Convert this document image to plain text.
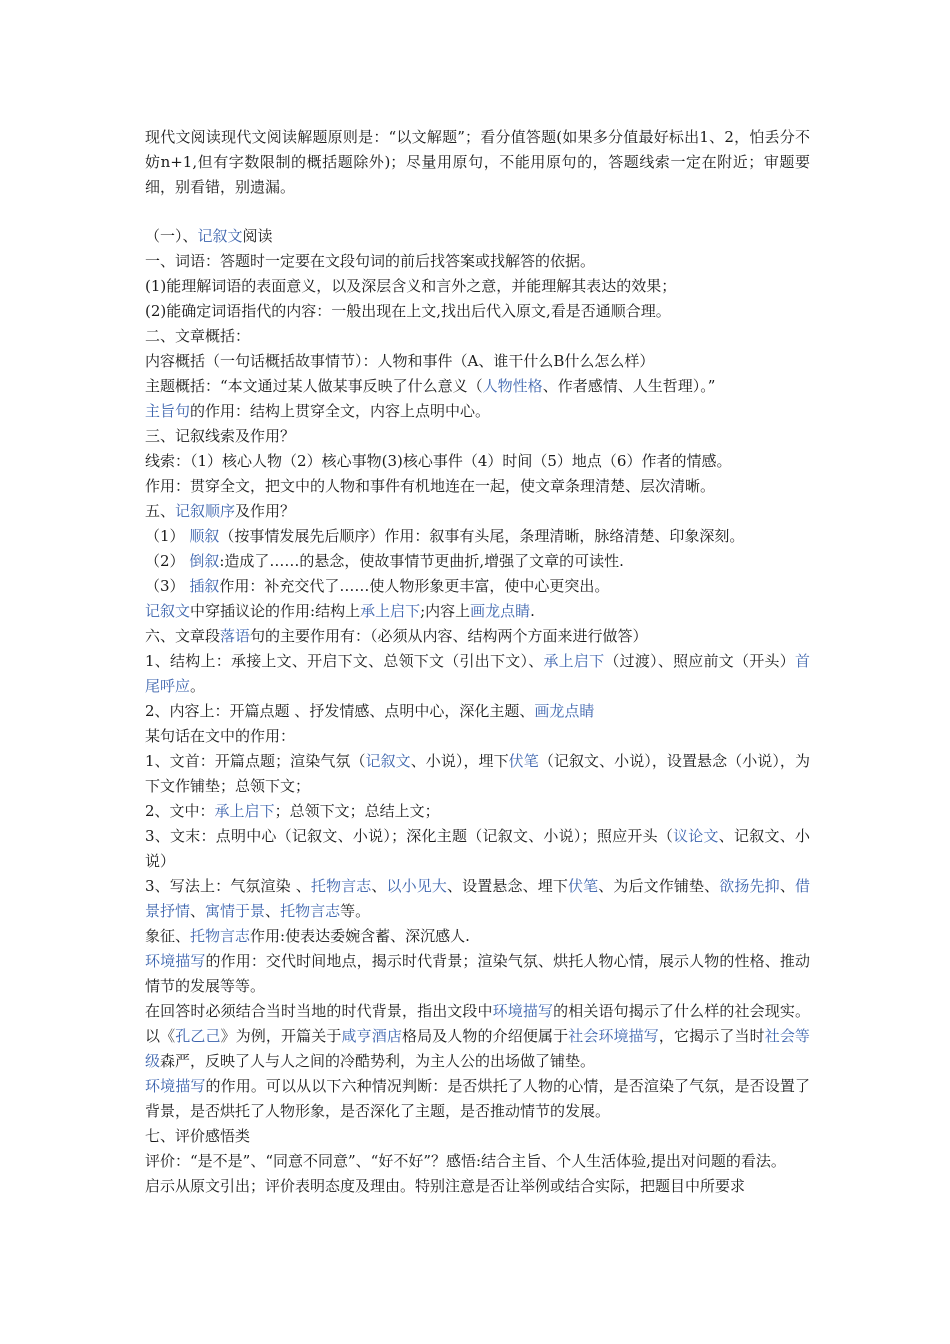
现代文阅读现代文阅读解题原则是：“以文解题”；看分值答题(如果多分值最好标出1、2，怕丢分不妨n+1,但有字数限制的概括题除外)；尽量用原句，不能用原句的，答题线索一定在附近；审题要细，别看错，别遗漏。

（一）、记叙文阅读

一、词语：答题时一定要在文段句词的前后找答案或找解答的依据。

(1)能理解词语的表面意义，以及深层含义和言外之意，并能理解其表达的效果；

(2)能确定词语指代的内容：一般出现在上文,找出后代入原文,看是否通顺合理。

二、文章概括：

内容概括（一句话概括故事情节）：人物和事件（A、谁干什么B什么怎么样）

主题概括：“本文通过某人做某事反映了什么意义（人物性格、作者感情、人生哲理）。”

主旨句的作用：结构上贯穿全文，内容上点明中心。

三、记叙线索及作用？

线索：（1）核心人物（2）核心事物(3)核心事件（4）时间（5）地点（6）作者的情感。

作用：贯穿全文，把文中的人物和事件有机地连在一起，使文章条理清楚、层次清晰。

五、记叙顺序及作用？

（1） 顺叙（按事情发展先后顺序）作用：叙事有头尾，条理清晰，脉络清楚、印象深刻。

（2） 倒叙:造成了……的悬念，使故事情节更曲折,增强了文章的可读性.

（3） 插叙作用：补充交代了……使人物形象更丰富，使中心更突出。

记叙文中穿插议论的作用:结构上承上启下;内容上画龙点睛.

六、文章段落语句的主要作用有：（必须从内容、结构两个方面来进行做答）

1、结构上：承接上文、开启下文、总领下文（引出下文）、承上启下（过渡）、照应前文（开头）首尾呼应。

2、内容上：开篇点题 、抒发情感、点明中心，深化主题、画龙点睛

某句话在文中的作用：

1、文首：开篇点题；渲染气氛（记叙文、小说），埋下伏笔（记叙文、小说），设置悬念（小说），为下文作铺垫；总领下文；

2、文中：承上启下；总领下文；总结上文；

3、文末：点明中心（记叙文、小说）；深化主题（记叙文、小说）；照应开头（议论文、记叙文、小说）

3、写法上：气氛渲染 、托物言志、以小见大、设置悬念、埋下伏笔、为后文作铺垫、欲扬先抑、借景抒情、寓情于景、托物言志等。

象征、托物言志作用:使表达委婉含蓄、深沉感人.

环境描写的作用：交代时间地点，揭示时代背景；渲染气氛、烘托人物心情，展示人物的性格、推动情节的发展等等。

在回答时必须结合当时当地的时代背景，指出文段中环境描写的相关语句揭示了什么样的社会现实。以《孔乙己》为例，开篇关于咸亨酒店格局及人物的介绍便属于社会环境描写，它揭示了当时社会等级森严，反映了人与人之间的冷酷势利，为主人公的出场做了铺垫。

环境描写的作用。可以从以下六种情况判断：是否烘托了人物的心情，是否渲染了气氛，是否设置了背景，是否烘托了人物形象，是否深化了主题，是否推动情节的发展。

七、评价感悟类

评价：“是不是”、“同意不同意”、“好不好”？感悟:结合主旨、个人生活体验,提出对问题的看法。

启示从原文引出；评价表明态度及理由。特别注意是否让举例或结合实际，把题目中所要求
